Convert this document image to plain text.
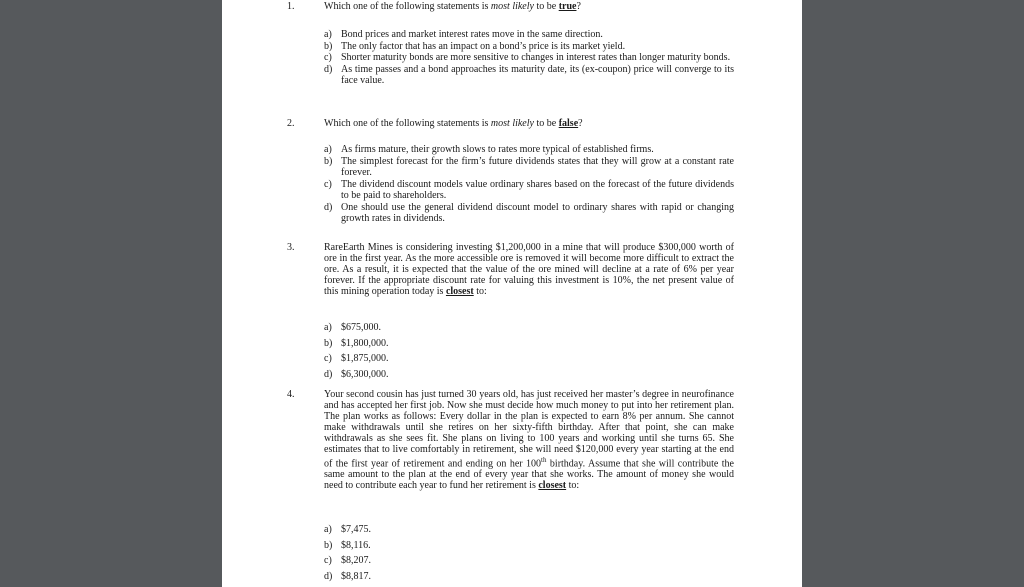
1.	Which one of the following statements is most likely to be true?
a) Bond prices and market interest rates move in the same direction.
b) The only factor that has an impact on a bond’s price is its market yield.
c) Shorter maturity bonds are more sensitive to changes in interest rates than longer maturity bonds.
d) As time passes and a bond approaches its maturity date, its (ex-coupon) price will converge to its face value.
2.	Which one of the following statements is most likely to be false?
a) As firms mature, their growth slows to rates more typical of established firms.
b) The simplest forecast for the firm’s future dividends states that they will grow at a constant rate forever.
c) The dividend discount models value ordinary shares based on the forecast of the future dividends to be paid to shareholders.
d) One should use the general dividend discount model to ordinary shares with rapid or changing growth rates in dividends.
3.	RareEarth Mines is considering investing $1,200,000 in a mine that will produce $300,000 worth of ore in the first year. As the more accessible ore is removed it will become more difficult to extract the ore. As a result, it is expected that the value of the ore mined will decline at a rate of 6% per year forever. If the appropriate discount rate for valuing this investment is 10%, the net present value of this mining operation today is closest to:
a) $675,000.
b) $1,800,000.
c) $1,875,000.
d) $6,300,000.
4.	Your second cousin has just turned 30 years old, has just received her master’s degree in neurofinance and has accepted her first job. Now she must decide how much money to put into her retirement plan. The plan works as follows: Every dollar in the plan is expected to earn 8% per annum. She cannot make withdrawals until she retires on her sixty-fifth birthday. After that point, she can make withdrawals as she sees fit. She plans on living to 100 years and working until she turns 65. She estimates that to live comfortably in retirement, she will need $120,000 every year starting at the end of the first year of retirement and ending on her 100th birthday. Assume that she will contribute the same amount to the plan at the end of every year that she works. The amount of money she would need to contribute each year to fund her retirement is closest to:
a) $7,475.
b) $8,116.
c) $8,207.
d) $8,817.
